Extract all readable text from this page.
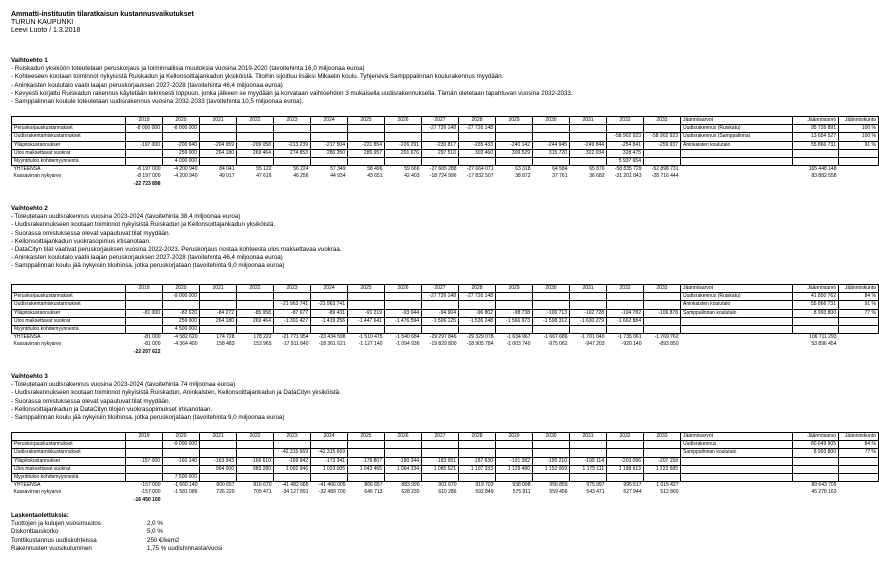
Ammatti-instituutin tilaratkaisun kustannusvaikutukset
TURUN KAUPUNKI
Leevi Luoto / 1.3.2018
Vaihtoehto 1
- Ruiskadun yksiköön toteutetaan peruskorjaus ja toiminnallisia muutoksia vuosina 2019-2020 (tavoitehinta 16,0 miljoonaa euroa)
- Kohteeseen kootaan toiminnot nykyisistä Ruiskadun ja Kellonsoittajankadun yksiköistä. Tiloihin sijoittuu lisäksi Mikaelin koulu. Tyhjenevä Sampppalinnan koulurakennus myydään.
- Aninkaisten koulutalo vaatii laajan peruskorjauksen 2027-2028 (tavoitehinta 46,4 miljoonaa euroa)
- Kevyesti korjattu Ruiskadun rakennus käytetään teknisesti loppuun, jonka jälkeen se myydään ja korvataan vaihtoehdon 3 mukaisella uudisrakennuksella. Tämän oletetaan tapahtuvan vuosina 2032-2033.
- Samppalinnan koulule toteutetaan uudisrakennus vuosina 2032-2033 (tavoitehinta 10,5 miljoonaa euroa).
	2019	2020	2021	2022	2023	2024	2025	2026	2027	2028	2029	2030	2031	2032	2033	Jäännösarvot	Jäännösarvo	Jäännöskunto
Peruskorjauskustannukset	-8 000 000	-8 000 000							-27 726 148	-27 726 148						Uudisrakennus (Ruiskatu)	95 726 891	100 %
Uudisrakentamiskustannukset														-58 902 923	-58 902 923	Uudisrakennus (Samppalinna)	13 654 527	100 %
Ylläpitokustannukset	-197 000	-200 940	-204 959	-209 058	-213 239	-217 504	-221 854	-226 291	-230 817	-235 433	-240 142	-244 945	-249 844	-254 841	-259 937	Aninkaisten koulutalo	55 866 731	91 %
Ulos maksettavat vuokrat		259 000	264 180	269 464	274 853	280 350	285 957	291 676	297 510	303 460	309 529	315 720	322 034	328 475				
Myyntituloo kohdemyynnestä		4 000 000												5 937 654				
YHTEENSÄ	-8 197 000	-4 200 940	84 041	55 122	56 224	57 349	58 496	59 666	-27 665 288	-27 664 071	63 318	64 584	65 876	-58 835 729	-52 898 731		165 448 148	
Kassavirran nykyarvo	-8 197 000	-4 200 940	49 017	47 616	46 256	44 934	43 651	42 403	-18 724 996	-17 832 507	38 872	37 761	36 682	-31 201 843	-28 716 444		83 882 558	
	-22 723 898																	
Vaihtoehto 2
- Toteutetaan uudisrakennus vuosina 2023-2024 (tavoitehinta 38,4 miljoonaa euroa)
- Uudisrakennukseen kootaan toiminnot nykyisistä Ruiskadun ja Kellonsoittajankadun yksiköistä.
- Suorassa omistuksessa olevat vapautuvat tilat myydään.
- Kellonsoittajankadun vuokrasopimus irtisanotaan.
- DataCityn tilat vaativat peruskorjauksen vuosina 2022-2023. Peruskorjaus nostaa kohteesta ulos maksettavaa vuokraa.
- Aninkaisten koulutalo vaatii laajan peruskorjauksen 2027-2028 (tavoitehinta 46,4 miljoonaa euroa)
- Samppalinnan koulu jää nykyisiin tiloihinsa, jotka peruskorjataan (tavoitehinta 9,0 miljoonaa euroa)
	2019	2020	2021	2022	2023	2024	2025	2026	2027	2028	2029	2030	2031	2032	2033	Jäännösarvot	Jäännösarvo	Jäännöskunto
Peruskorjauskustannukset		-9 000 000							-27 726 148	-27 726 148						Uudisrakennus (Ruiskatu)	41 850 762	84 %
Uudisrakentamiskustannukset					-21 963 741	-21 963 741										Aninkaisten koulutalo	55 866 731	91 %
Ylläpitokustannukset	-81 000	-82 620	-84 272	-85 958	-87 677	-89 431	-91 219	-93 044	-94 904	-96 802	-98 738	-100 713	-102 728	-104 782	-106 878	Samppalinnan koulutalo	8 993 800	77 %
Ulos maksettavat vuokrat		259 000	264 180	269 464	-1 301 427	-1 419 256	-1 447 641	-1 476 594	-1 506 125	-1 536 248	-1 566 973	-1 598 312	-1 630 279	-1 662 884				
Myyntituloo kohdemyynnestä		4 500 000																
YHTEENSÄ	-81 000	-4 582 620	174 728	178 222	-21 771 954	-23 434 598	-1 510 475	-1 540 684	-29 297 846	-29 329 078	-1 634 967	-1 667 686	-1 701 040	-1 735 061	-1 769 762		106 711 293	
Kassavirran nykyarvo	-81 000	-4 364 400	158 483	153 965	-17 911 840	-18 361 621	-1 127 140	-1 094 936	-19 829 800	-18 905 784	-1 003 740	-975 062	-947 203	-920 140	-893 850		53 896 454	
	-22 207 622																	
Vaihtoehto 3
- Toteutetaan uudisrakennus vuosina 2023-2024 (tavoitehinta 74 miljoonaa euroa)
- Uudisrakennukseen kootaan toiminnot nykyisistä Ruiskadun, Aninkaisten, Kellonsoittajankadun ja DataCityn yksiköistä.
- Suorassa omistuksessa olevat vapautuvat tilat myydään.
- Kellonsoittajankadun ja DataCityn tilojen vuokrasopimukset irtisanotaan.
- Samppalinnan koulu jää nykyisiin tiloihinsa, jotka peruskorjataan (tavoitehinta 9,0 miljoonaa euroa)
	2019	2020	2021	2022	2023	2024	2025	2026	2027	2028	2029	2030	2031	2032	2033	Jäännösarvot	Jäännösarvo	Jäännöskunto
Peruskorjauskustannukset		-9 000 000														Uudisrakennus	80 649 905	84 %
Uudisrakentamiskustannukset					-42 315 669	-42 315 669										Samppalinnan koulutalo	8 993 800	77 %
Ylläpitokustannukset	-157 000	-160 140	-163 343	-166 610	-169 942	-173 341	-176 807	-180 344	-183 951	-187 630	-191 382	-195 210	-199 114	-203 096	-207 158			
Ulos maksettavat vuokrat			964 000	983 280	1 002 946	1 023 005	1 043 465	1 064 334	1 085 621	1 107 333	1 129 480	1 152 069	1 175 111	1 198 613	1 222 585			
Myyntituloo kohdemyynnestä		7 500 000																
YHTEENSÄ	-157 000	-1 660 140	800 657	816 670	-41 482 665	-41 466 005	866 657	883 990	901 670	919 703	938 098	956 859	975 997	995 517	1 015 427		89 643 705	
Kassavirran nykyarvo	-157 000	-1 581 086	726 220	705 471	-34 127 891	-32 489 700	646 713	628 235	610 286	592 849	575 911	559 456	543 471	527 944	512 860		45 278 163	
	-16 450 100																	
Laskentaolettuksia:
Tuottojen ja kulujen vuosimuutos	2,0 %
Diskonttauskorko	5,0 %
Tonttikustannus uudiskohteissa	250 €/kem2
Rakennusten vuosikuluminen	1,75 % uudishinnasta/vuosi
